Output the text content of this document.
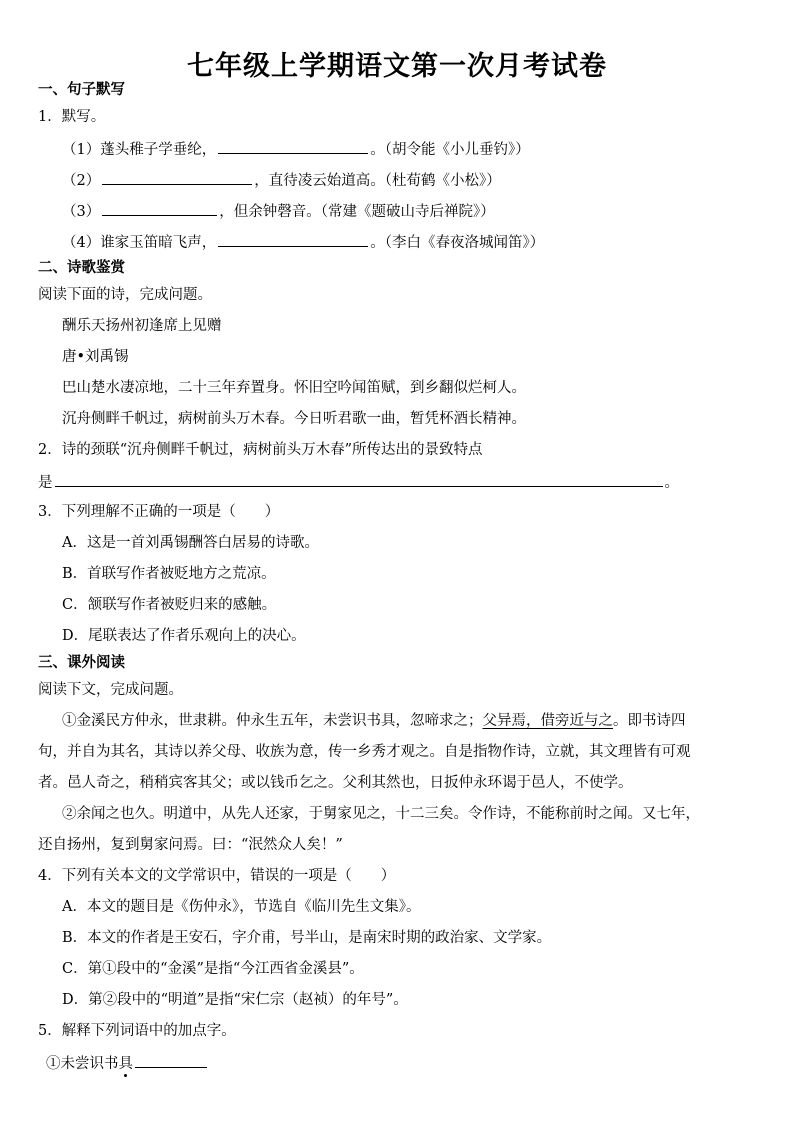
七年级上学期语文第一次月考试卷
一、句子默写
1．默写。
（1）蓬头稚子学垂纶，	。（胡令能《小儿垂钓》）
（2）	，直待凌云始道高。（杜荀鹤《小松》）
（3）	，但余钟磬音。（常建《题破山寺后禅院》）
（4）谁家玉笛暗飞声，	。（李白《春夜洛城闻笛》）
二、诗歌鉴赏
阅读下面的诗，完成问题。
酬乐天扬州初逢席上见赠
唐•刘禹锡
巴山楚水凄凉地，二十三年弃置身。怀旧空吟闻笛赋，到乡翻似烂柯人。
沉舟侧畔千帆过，病树前头万木春。今日听君歌一曲，暂凭杯酒长精神。
2．诗的颈联“沉舟侧畔千帆过，病树前头万木春”所传达出的景致特点
是	。
3．下列理解不正确的一项是（　　）
A．这是一首刘禹锡酬答白居易的诗歌。
B．首联写作者被贬地方之荒凉。
C．颔联写作者被贬归来的感触。
D．尾联表达了作者乐观向上的决心。
三、课外阅读
阅读下文，完成问题。
①金溪民方仲永，世隶耕。仲永生五年，未尝识书具，忽啼求之；父异焉，借旁近与之。即书诗四
句，并自为其名，其诗以养父母、收族为意，传一乡秀才观之。自是指物作诗，立就，其文理皆有可观
者。邑人奇之，稍稍宾客其父；或以钱币乞之。父利其然也，日扳仲永环谒于邑人，不使学。
②余闻之也久。明道中，从先人还家，于舅家见之，十二三矣。令作诗，不能称前时之闻。又七年，
还自扬州，复到舅家问焉。曰：“泯然众人矣！”
4．下列有关本文的文学常识中，错误的一项是（　　）
A．本文的题目是《伤仲永》，节选自《临川先生文集》。
B．本文的作者是王安石，字介甫，号半山，是南宋时期的政治家、文学家。
C．第①段中的“金溪”是指“今江西省金溪县”。
D．第②段中的“明道”是指“宋仁宗（赵祯）的年号”。
5．解释下列词语中的加点字。
①未尝识书具
